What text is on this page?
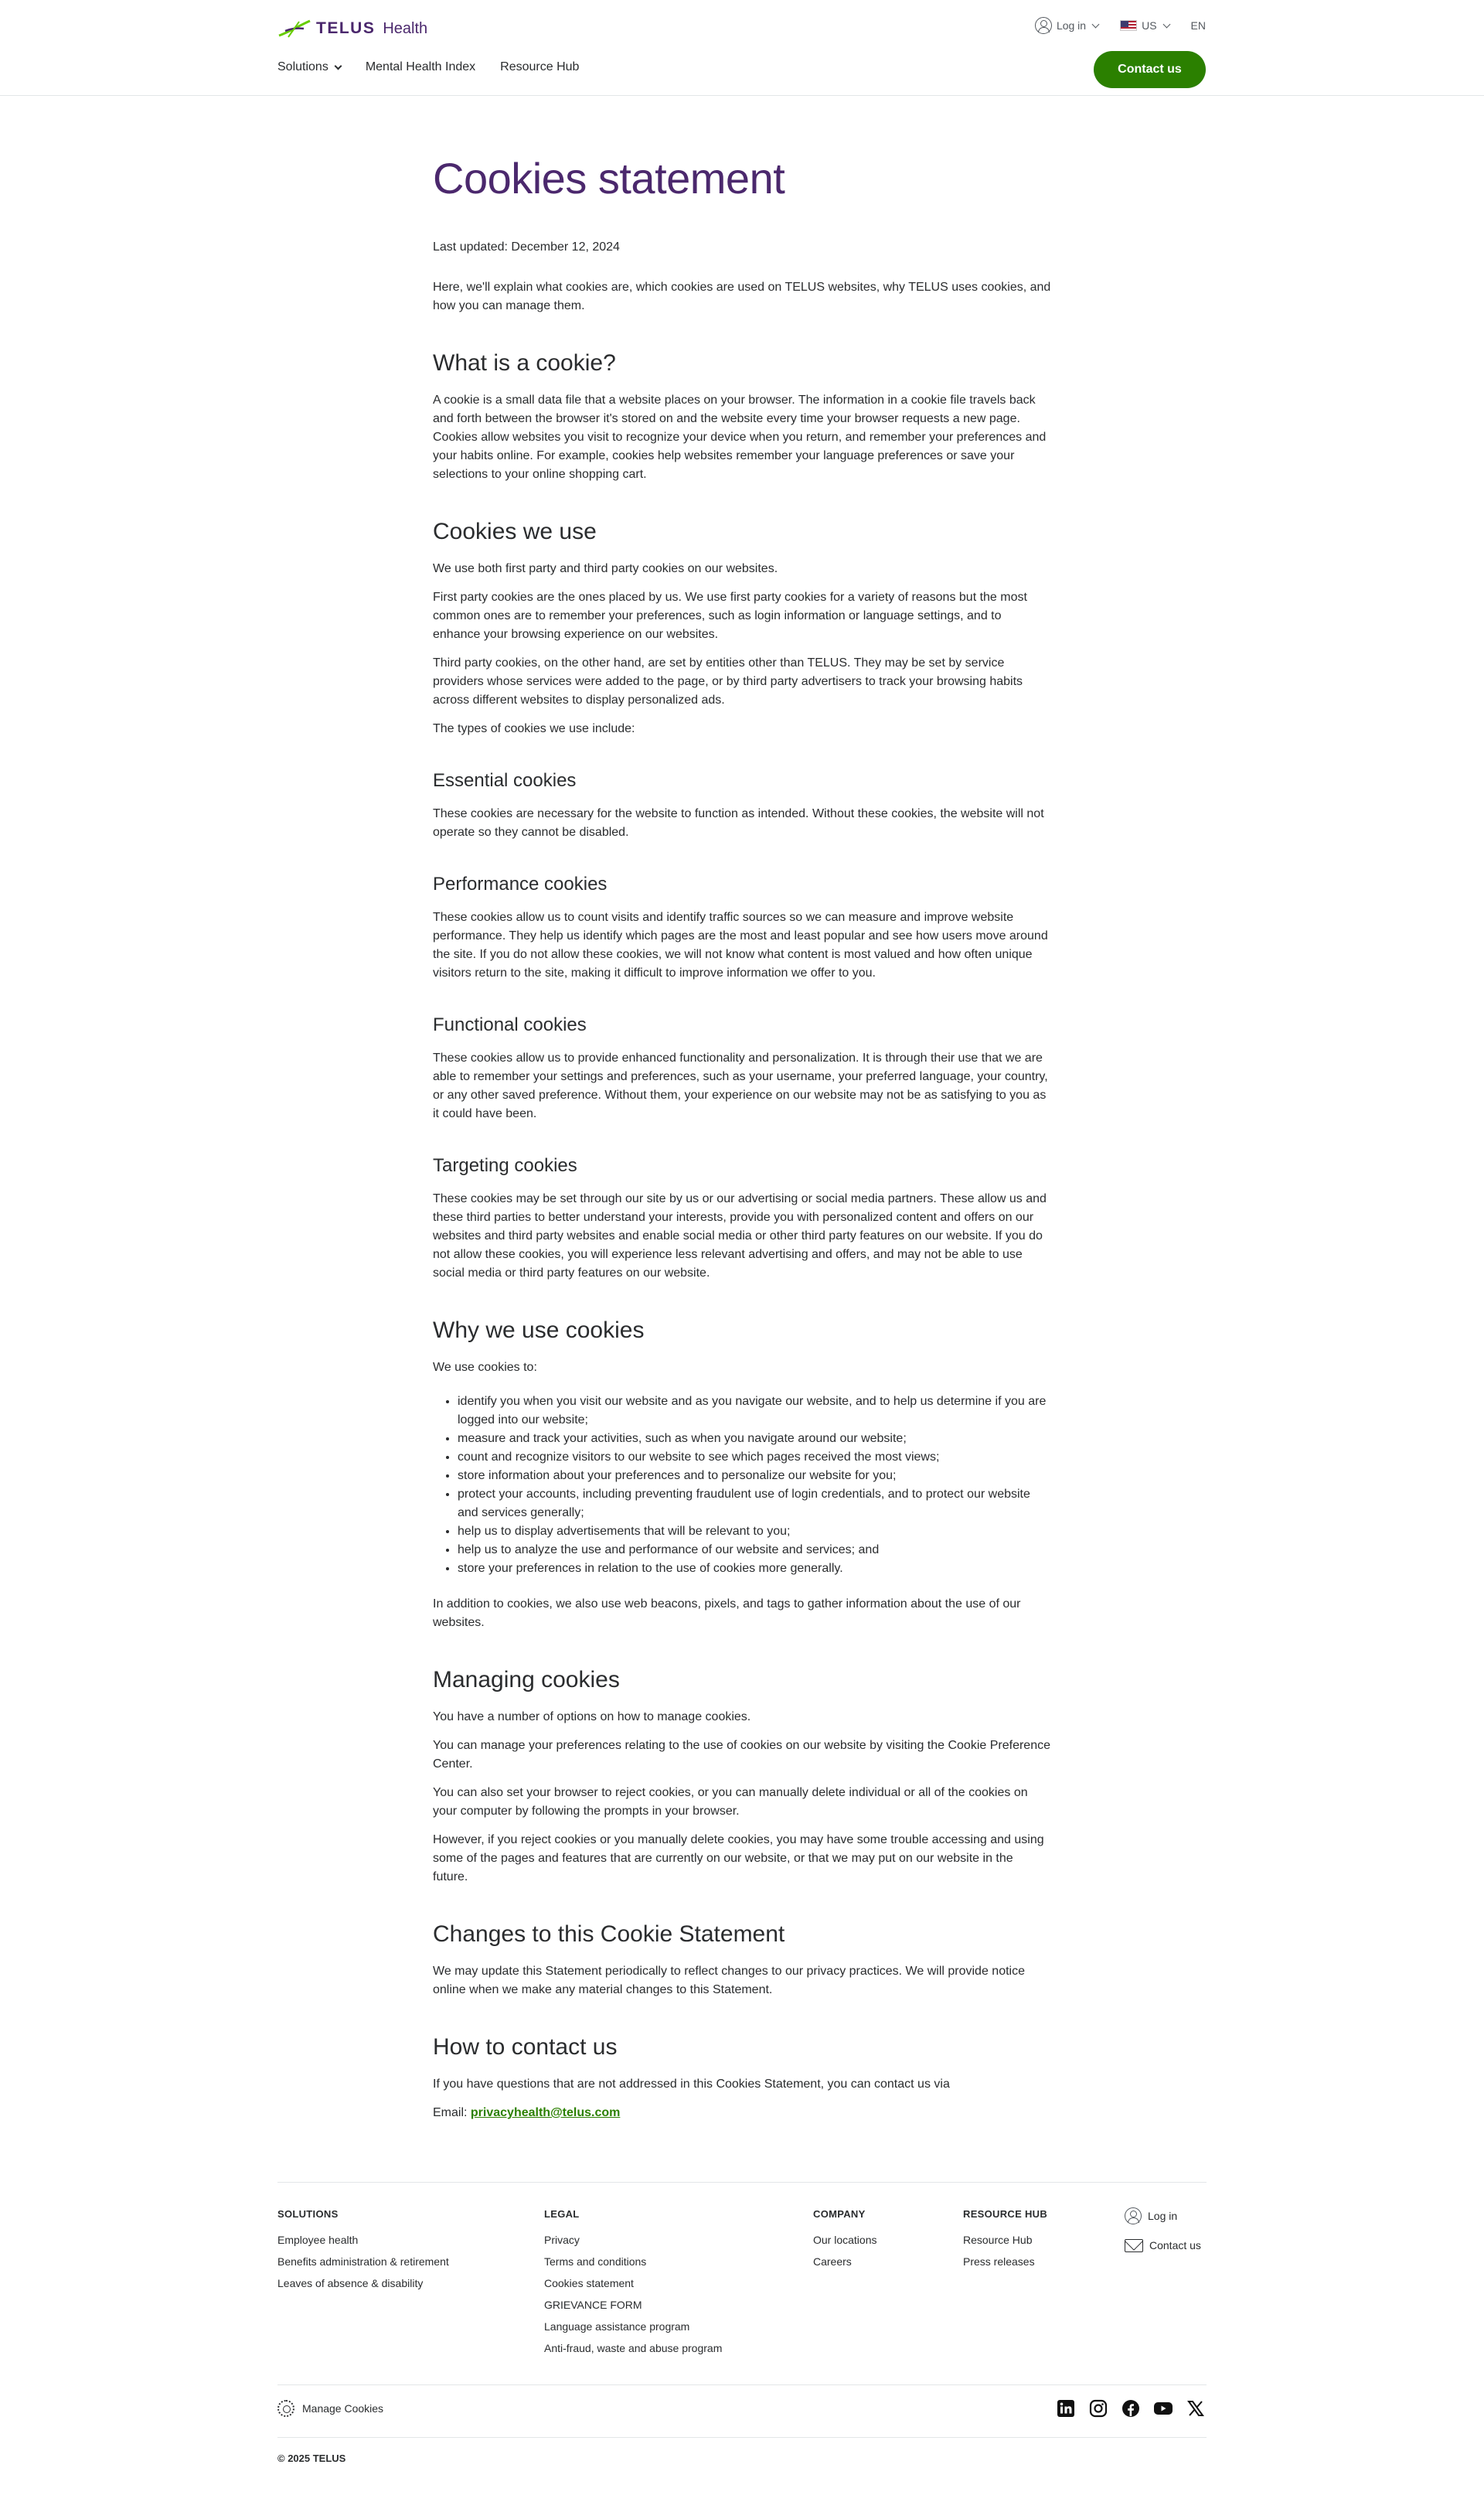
TELUS Health	Log in	US	EN
Solutions	Mental Health Index Resource Hub	Contact us
Cookies statement

Last updated: December 12, 2024

Here, we'll explain what cookies are, which cookies are used on TELUS websites, why TELUS uses cookies, and how you can manage them.

What is a cookie?

A cookie is a small data file that a website places on your browser. The information in a cookie file travels back and forth between the browser it's stored on and the website every time your browser requests a new page. Cookies allow websites you visit to recognize your device when you return, and remember your preferences and your habits online. For example, cookies help websites remember your language preferences or save your selections to your online shopping cart.

Cookies we use

We use both first party and third party cookies on our websites.

First party cookies are the ones placed by us. We use first party cookies for a variety of reasons but the most common ones are to remember your preferences, such as login information or language settings, and to enhance your browsing experience on our websites.

Third party cookies, on the other hand, are set by entities other than TELUS. They may be set by service providers whose services were added to the page, or by third party advertisers to track your browsing habits across different websites to display personalized ads.

The types of cookies we use include:

Essential cookies

These cookies are necessary for the website to function as intended. Without these cookies, the website will not operate so they cannot be disabled.

Performance cookies

These cookies allow us to count visits and identify traffic sources so we can measure and improve website performance. They help us identify which pages are the most and least popular and see how users move around the site. If you do not allow these cookies, we will not know what content is most valued and how often unique visitors return to the site, making it difficult to improve information we offer to you.

Functional cookies

These cookies allow us to provide enhanced functionality and personalization. It is through their use that we are able to remember your settings and preferences, such as your username, your preferred language, your country, or any other saved preference. Without them, your experience on our website may not be as satisfying to you as it could have been.

Targeting cookies

These cookies may be set through our site by us or our advertising or social media partners. These allow us and these third parties to better understand your interests, provide you with personalized content and offers on our websites and third party websites and enable social media or other third party features on our website. If you do not allow these cookies, you will experience less relevant advertising and offers, and may not be able to use social media or third party features on our website.

Why we use cookies

We use cookies to:

• identify you when you visit our website and as you navigate our website, and to help us determine if you are logged into our website;
• measure and track your activities, such as when you navigate around our website;
• count and recognize visitors to our website to see which pages received the most views;
• store information about your preferences and to personalize our website for you;
• protect your accounts, including preventing fraudulent use of login credentials, and to protect our website and services generally;
• help us to display advertisements that will be relevant to you;
• help us to analyze the use and performance of our website and services; and
• store your preferences in relation to the use of cookies more generally.

In addition to cookies, we also use web beacons, pixels, and tags to gather information about the use of our websites.

Managing cookies

You have a number of options on how to manage cookies.

You can manage your preferences relating to the use of cookies on our website by visiting the Cookie Preference Center.

You can also set your browser to reject cookies, or you can manually delete individual or all of the cookies on your computer by following the prompts in your browser.

However, if you reject cookies or you manually delete cookies, you may have some trouble accessing and using some of the pages and features that are currently on our website, or that we may put on our website in the future.

Changes to this Cookie Statement

We may update this Statement periodically to reflect changes to our privacy practices. We will provide notice online when we make any material changes to this Statement.

How to contact us

If you have questions that are not addressed in this Cookies Statement, you can contact us via

Email: privacyhealth@telus.com

SOLUTIONS
Employee health
Benefits administration & retirement
Leaves of absence & disability
LEGAL
Privacy
Terms and conditions
Cookies statement
GRIEVANCE FORM
Language assistance program
Anti-fraud, waste and abuse program
COMPANY
Our locations
Careers
RESOURCE HUB
Resource Hub
Press releases
Log in
Contact us
Manage Cookies
© 2025 TELUS
